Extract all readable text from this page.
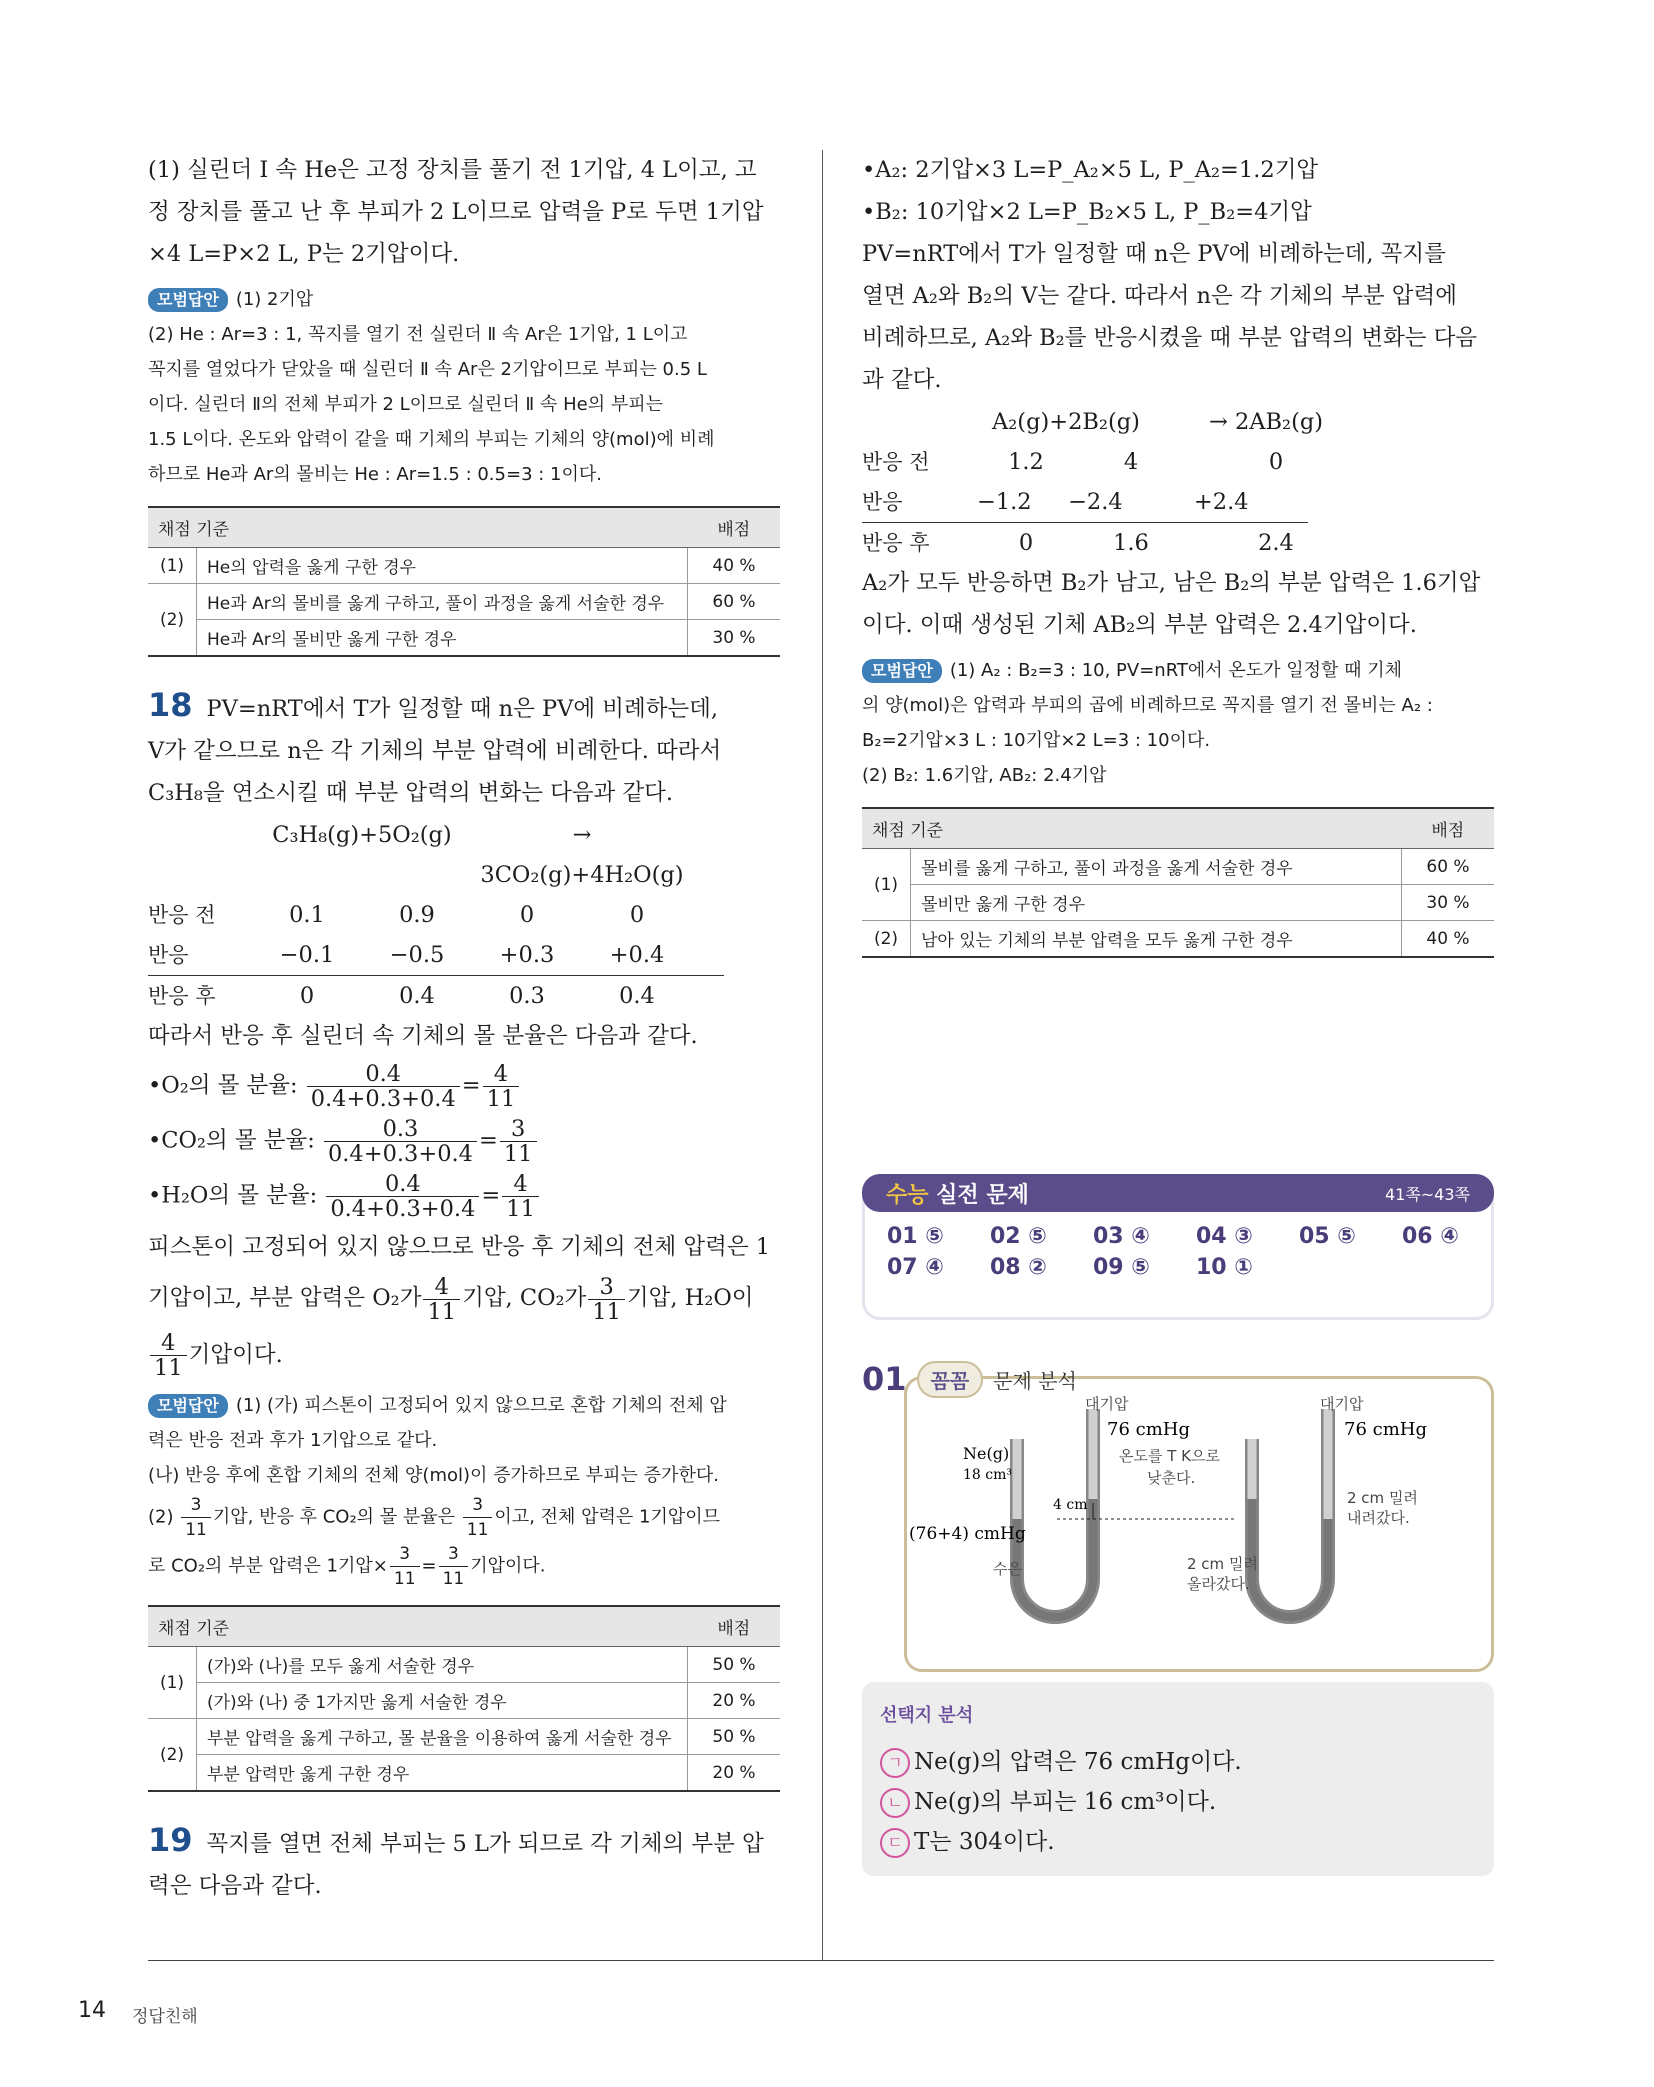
(1) 실린더 Ⅰ 속 He은 고정 장치를 풀기 전 1기압, 4 L이고, 고

정 장치를 풀고 난 후 부피가 2 L이므로 압력을 P로 두면 1기압

×4 L=P×2 L, P는 2기압이다.

모범답안 (1) 2기압
(2) He : Ar=3 : 1, 꼭지를 열기 전 실린더 Ⅱ 속 Ar은 1기압, 1 L이고
꼭지를 열었다가 닫았을 때 실린더 Ⅱ 속 Ar은 2기압이므로 부피는 0.5 L
이다. 실린더 Ⅱ의 전체 부피가 2 L이므로 실린더 Ⅱ 속 He의 부피는
1.5 L이다. 온도와 압력이 같을 때 기체의 부피는 기체의 양(mol)에 비례
하므로 He과 Ar의 몰비는 He : Ar=1.5 : 0.5=3 : 1이다.
채점 기준		배점
(1)	He의 압력을 옳게 구한 경우	40 %
(2)	He과 Ar의 몰비를 옳게 구하고, 풀이 과정을 옳게 서술한 경우	60 %
	He과 Ar의 몰비만 옳게 구한 경우	30 %

18 PV=nRT에서 T가 일정할 때 n은 PV에 비례하는데,

V가 같으므로 n은 각 기체의 부분 압력에 비례한다. 따라서

C₃H₈을 연소시킬 때 부분 압력의 변화는 다음과 같다.

C₃H₈(g)+5O₂(g)	→ 3CO₂(g)+4H₂O(g)
반응 전	0.1	0.9	0	0
반응	−0.1	−0.5	+0.3	+0.4
반응 후	0	0.4	0.3	0.4

따라서 반응 후 실린더 속 기체의 몰 분율은 다음과 같다.

•O₂의 몰 분율: $\frac{0.4}{0.4+0.3+0.4} = \frac{4}{11}$
•CO₂의 몰 분율: $\frac{0.3}{0.4+0.3+0.4} = \frac{3}{11}$
•H₂O의 몰 분율: $\frac{0.4}{0.4+0.3+0.4} = \frac{4}{11}$

피스톤이 고정되어 있지 않으므로 반응 후 기체의 전체 압력은 1

기압이고, 부분 압력은 O₂가 $\frac{4}{11}$ 기압, CO₂가 $\frac{3}{11}$ 기압, H₂O이
$\frac{4}{11}$ 기압이다.
모범답안 (1) (가) 피스톤이 고정되어 있지 않으므로 혼합 기체의 전체 압
력은 반응 전과 후가 1기압으로 같다.
(나) 반응 후에 혼합 기체의 전체 양(mol)이 증가하므로 부피는 증가한다.
$(2) \frac{3}{11}$ 기압, 반응 후 CO₂의 몰 분율은 $\frac{3}{11}$ 이고, 전체 압력은 1기압이므
로 CO₂의 부분 압력은 1기압× $\frac{3}{11} = \frac{3}{11}$ 기압이다.
채점 기준		배점
(1)	(가)와 (나)를 모두 옳게 서술한 경우	50 %
	(가)와 (나) 중 1가지만 옳게 서술한 경우	20 %
(2)	부분 압력을 옳게 구하고, 몰 분율을 이용하여 옳게 서술한 경우	50 %
	부분 압력만 옳게 구한 경우	20 %

19 꼭지를 열면 전체 부피는 5 L가 되므로 각 기체의 부분 압

력은 다음과 같다.

•A₂: 2기압×3 L=P_A₂×5 L, P_A₂=1.2기압

•B₂: 10기압×2 L=P_B₂×5 L, P_B₂=4기압

PV=nRT에서 T가 일정할 때 n은 PV에 비례하는데, 꼭지를

열면 A₂와 B₂의 V는 같다. 따라서 n은 각 기체의 부분 압력에

비례하므로, A₂와 B₂를 반응시켰을 때 부분 압력의 변화는 다음

과 같다.

A₂(g)+2B₂(g)	→ 2AB₂(g)
반응 전	1.2	4	0
반응	−1.2	−2.4	+2.4
반응 후	0	1.6	2.4

A₂가 모두 반응하면 B₂가 남고, 남은 B₂의 부분 압력은 1.6기압

이다. 이때 생성된 기체 AB₂의 부분 압력은 2.4기압이다.

모범답안 (1) A₂ : B₂=3 : 10, PV=nRT에서 온도가 일정할 때 기체
의 양(mol)은 압력과 부피의 곱에 비례하므로 꼭지를 열기 전 몰비는 A₂ :
B₂=2기압×3 L : 10기압×2 L=3 : 10이다.
(2) B₂: 1.6기압, AB₂: 2.4기압
채점 기준		배점
(1)	몰비를 옳게 구하고, 풀이 과정을 옳게 서술한 경우	60 %
	몰비만 옳게 구한 경우	30 %
(2)	남아 있는 기체의 부분 압력을 모두 옳게 구한 경우	40 %
수능 실전 문제	41쪽~43쪽
01 ⑤	02 ⑤	03 ④	04 ③	05 ⑤	06 ④
07 ④	08 ②	09 ⑤	10 ①
01	꼼꼼	문제 분석
대기압	대기압
76 cmHg	76 cmHg
Ne(g)
18 cm³
온도를 T K으로
낮춘다.
4 cm
(76+4) cmHg
수은
2 cm 밀려
내려갔다.
2 cm 밀려
올라갔다.
선택지 분석
ㄱ Ne(g)의 압력은 76 cmHg이다.
ㄴ Ne(g)의 부피는 16 cm³이다.
ㄷ T는 304이다.
14 정답친해
